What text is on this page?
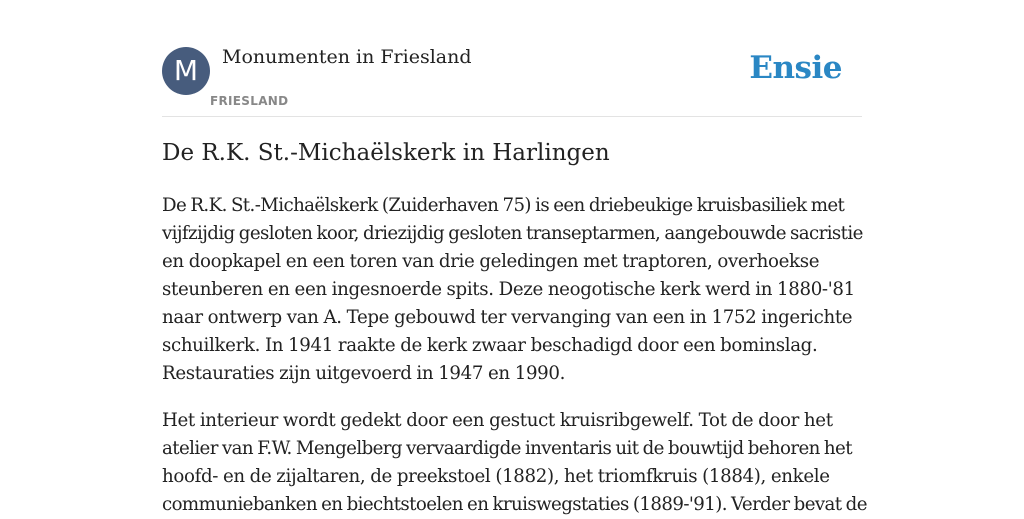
M	Monumenten in Friesland
FRIESLAND
Ensie
De R.K. St.-Michaëlskerk in Harlingen

De R.K. St.-Michaëlskerk (Zuiderhaven 75) is een driebeukige kruisbasiliek met
vijfzijdig gesloten koor, driezijdig gesloten transeptarmen, aangebouwde sacristie
en doopkapel en een toren van drie geledingen met traptoren, overhoekse
steunberen en een ingesnoerde spits. Deze neogotische kerk werd in 1880-'81
naar ontwerp van A. Tepe gebouwd ter vervanging van een in 1752 ingerichte
schuilkerk. In 1941 raakte de kerk zwaar beschadigd door een bominslag.
Restauraties zijn uitgevoerd in 1947 en 1990.

Het interieur wordt gedekt door een gestuct kruisribgewelf. Tot de door het
atelier van F.W. Mengelberg vervaardigde inventaris uit de bouwtijd behoren het
hoofd- en de zijaltaren, de preekstoel (1882), het triomfkruis (1884), enkele
communiebanken en biechtstoelen en kruiswegstaties (1889-'91). Verder bevat de
